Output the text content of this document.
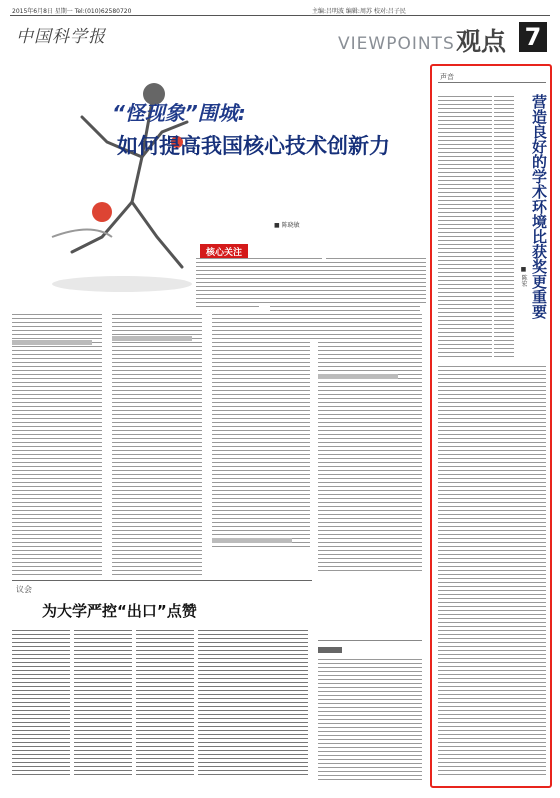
2015年6月8日 星期一 Tel:(010)62580720	主编:吕明波 编辑:周苏 校对:吕子民
中国科学报	VIEWPOINTS 观点 7
“怪现象”围城:
如何提高我国核心技术创新力
■ 陈晓敏
核心关注
议会
为大学严控“出口”点赞
声音
营造良好的学术环境比获奖更重要
■ 陈宏
